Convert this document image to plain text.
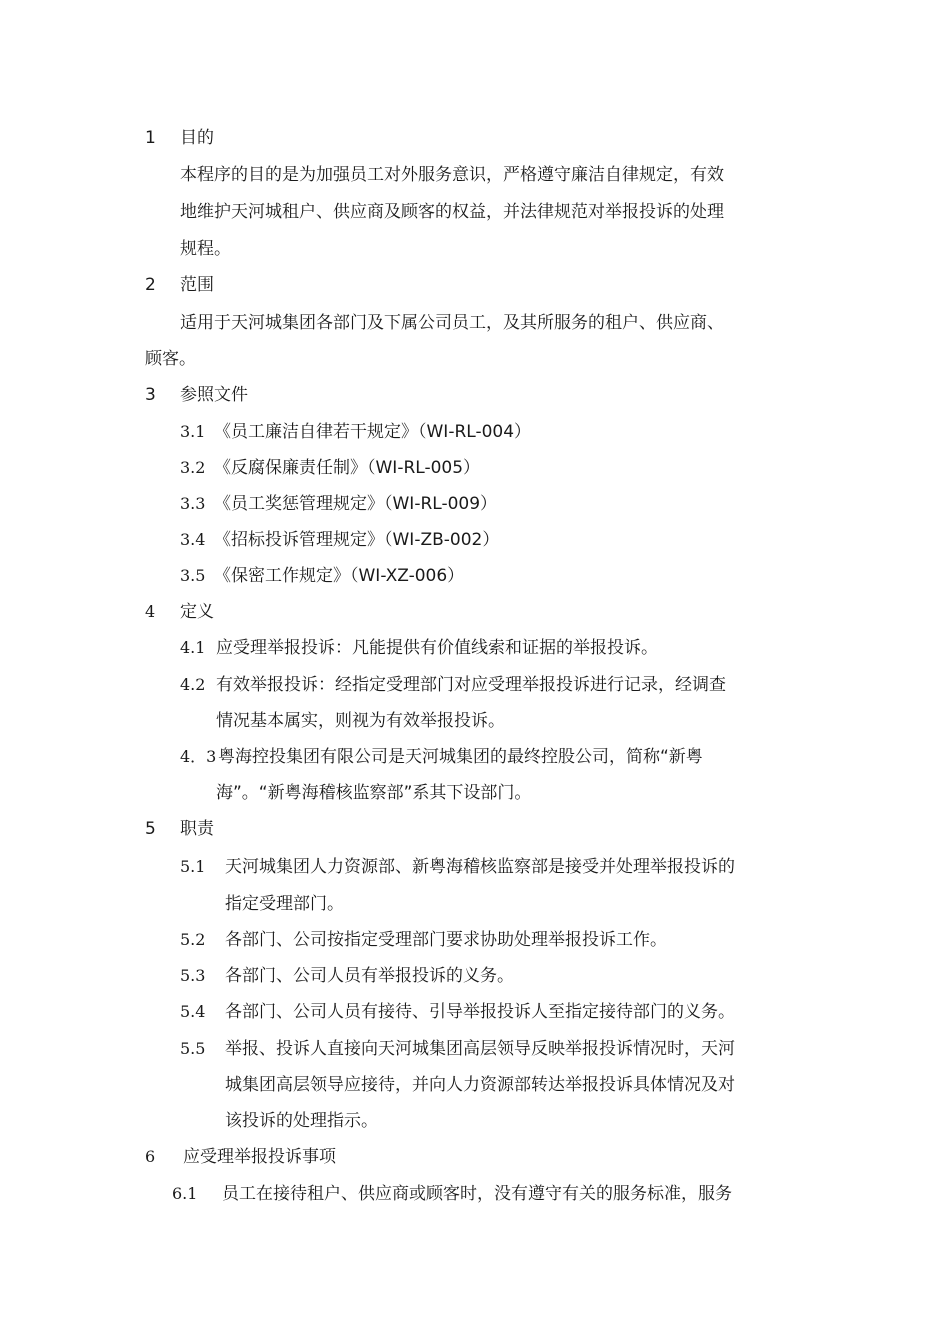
1 目的
本程序的目的是为加强员工对外服务意识，严格遵守廉洁自律规定，有效
地维护天河城租户、供应商及顾客的权益，并法律规范对举报投诉的处理
规程。
2 范围
适用于天河城集团各部门及下属公司员工，及其所服务的租户、供应商、
顾客。
3 参照文件
3.1 《员工廉洁自律若干规定》（WI-RL-004）
3.2 《反腐保廉责任制》（WI-RL-005）
3.3 《员工奖惩管理规定》（WI-RL-009）
3.4 《招标投诉管理规定》（WI-ZB-002）
3.5 《保密工作规定》（WI-XZ-006）
4 定义
4.1 应受理举报投诉：凡能提供有价值线索和证据的举报投诉。
4.2 有效举报投诉：经指定受理部门对应受理举报投诉进行记录，经调查
情况基本属实，则视为有效举报投诉。
4．3 粤海控投集团有限公司是天河城集团的最终控股公司，简称“新粤
海”。“新粤海稽核监察部”系其下设部门。
5 职责
5.1 天河城集团人力资源部、新粤海稽核监察部是接受并处理举报投诉的
指定受理部门。
5.2 各部门、公司按指定受理部门要求协助处理举报投诉工作。
5.3 各部门、公司人员有举报投诉的义务。
5.4 各部门、公司人员有接待、引导举报投诉人至指定接待部门的义务。
5.5 举报、投诉人直接向天河城集团高层领导反映举报投诉情况时，天河
城集团高层领导应接待，并向人力资源部转达举报投诉具体情况及对
该投诉的处理指示。
6 应受理举报投诉事项
6.1 员工在接待租户、供应商或顾客时，没有遵守有关的服务标准，服务
